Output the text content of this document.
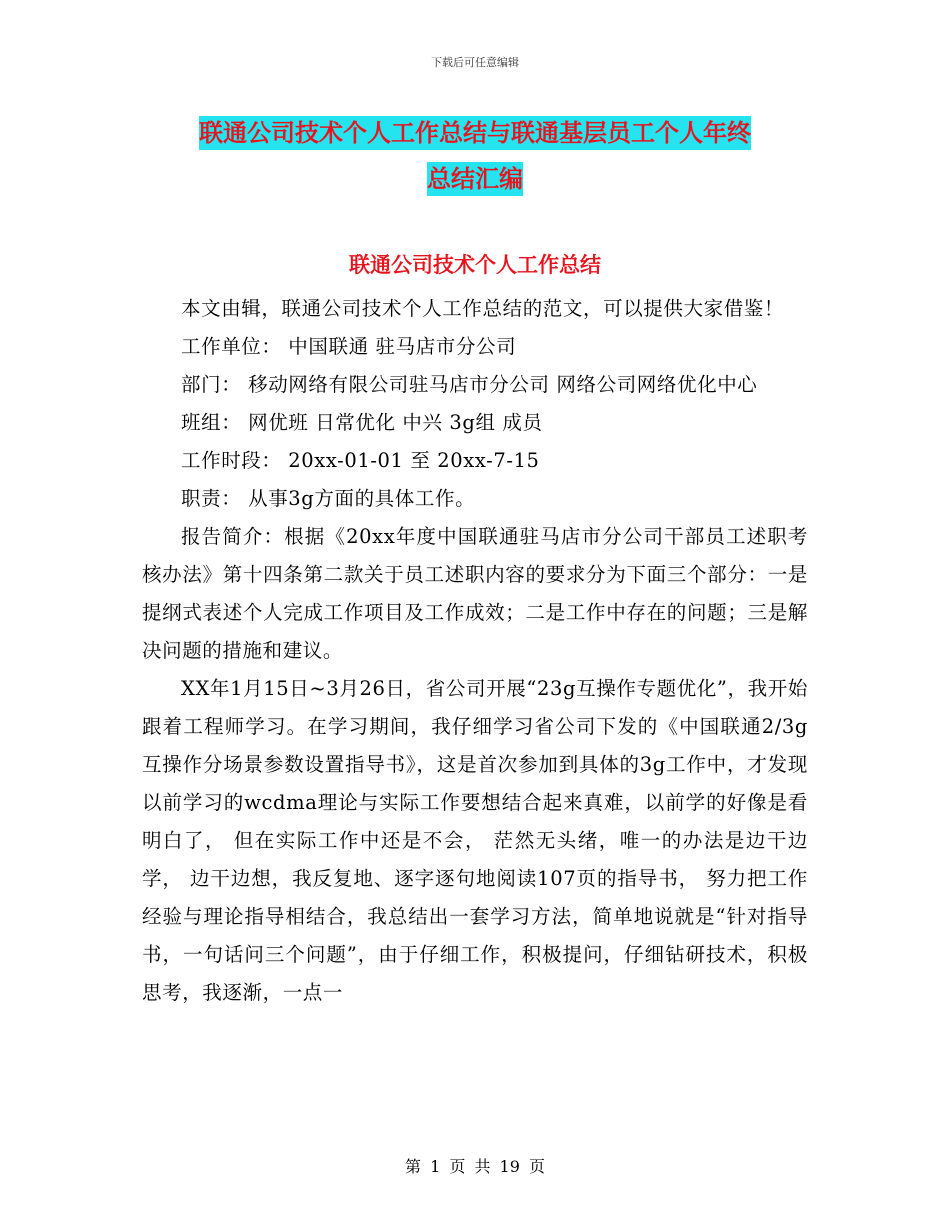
下载后可任意编辑
联通公司技术个人工作总结与联通基层员工个人年终
总结汇编
联通公司技术个人工作总结

本文由辑，联通公司技术个人工作总结的范文，可以提供大家借鉴！

工作单位： 中国联通 驻马店市分公司

部门： 移动网络有限公司驻马店市分公司 网络公司网络优化中心

班组： 网优班 日常优化 中兴 3g组 成员

工作时段： 20xx-01-01 至 20xx-7-15

职责： 从事3g方面的具体工作。

报告简介：根据《20xx年度中国联通驻马店市分公司干部员工述职考核办法》第十四条第二款关于员工述职内容的要求分为下面三个部分：一是提纲式表述个人完成工作项目及工作成效；二是工作中存在的问题；三是解决问题的措施和建议。

XX年1月15日~3月26日，省公司开展“23g互操作专题优化”，我开始跟着工程师学习。在学习期间，我仔细学习省公司下发的《中国联通2/3g互操作分场景参数设置指导书》，这是首次参加到具体的3g工作中，才发现以前学习的wcdma理论与实际工作要想结合起来真难，以前学的好像是看明白了， 但在实际工作中还是不会， 茫然无头绪，唯一的办法是边干边学， 边干边想，我反复地、逐字逐句地阅读107页的指导书， 努力把工作经验与理论指导相结合，我总结出一套学习方法，简单地说就是“针对指导书，一句话问三个问题”，由于仔细工作，积极提问，仔细钻研技术，积极思考，我逐渐，一点一

第 1 页 共 19 页
